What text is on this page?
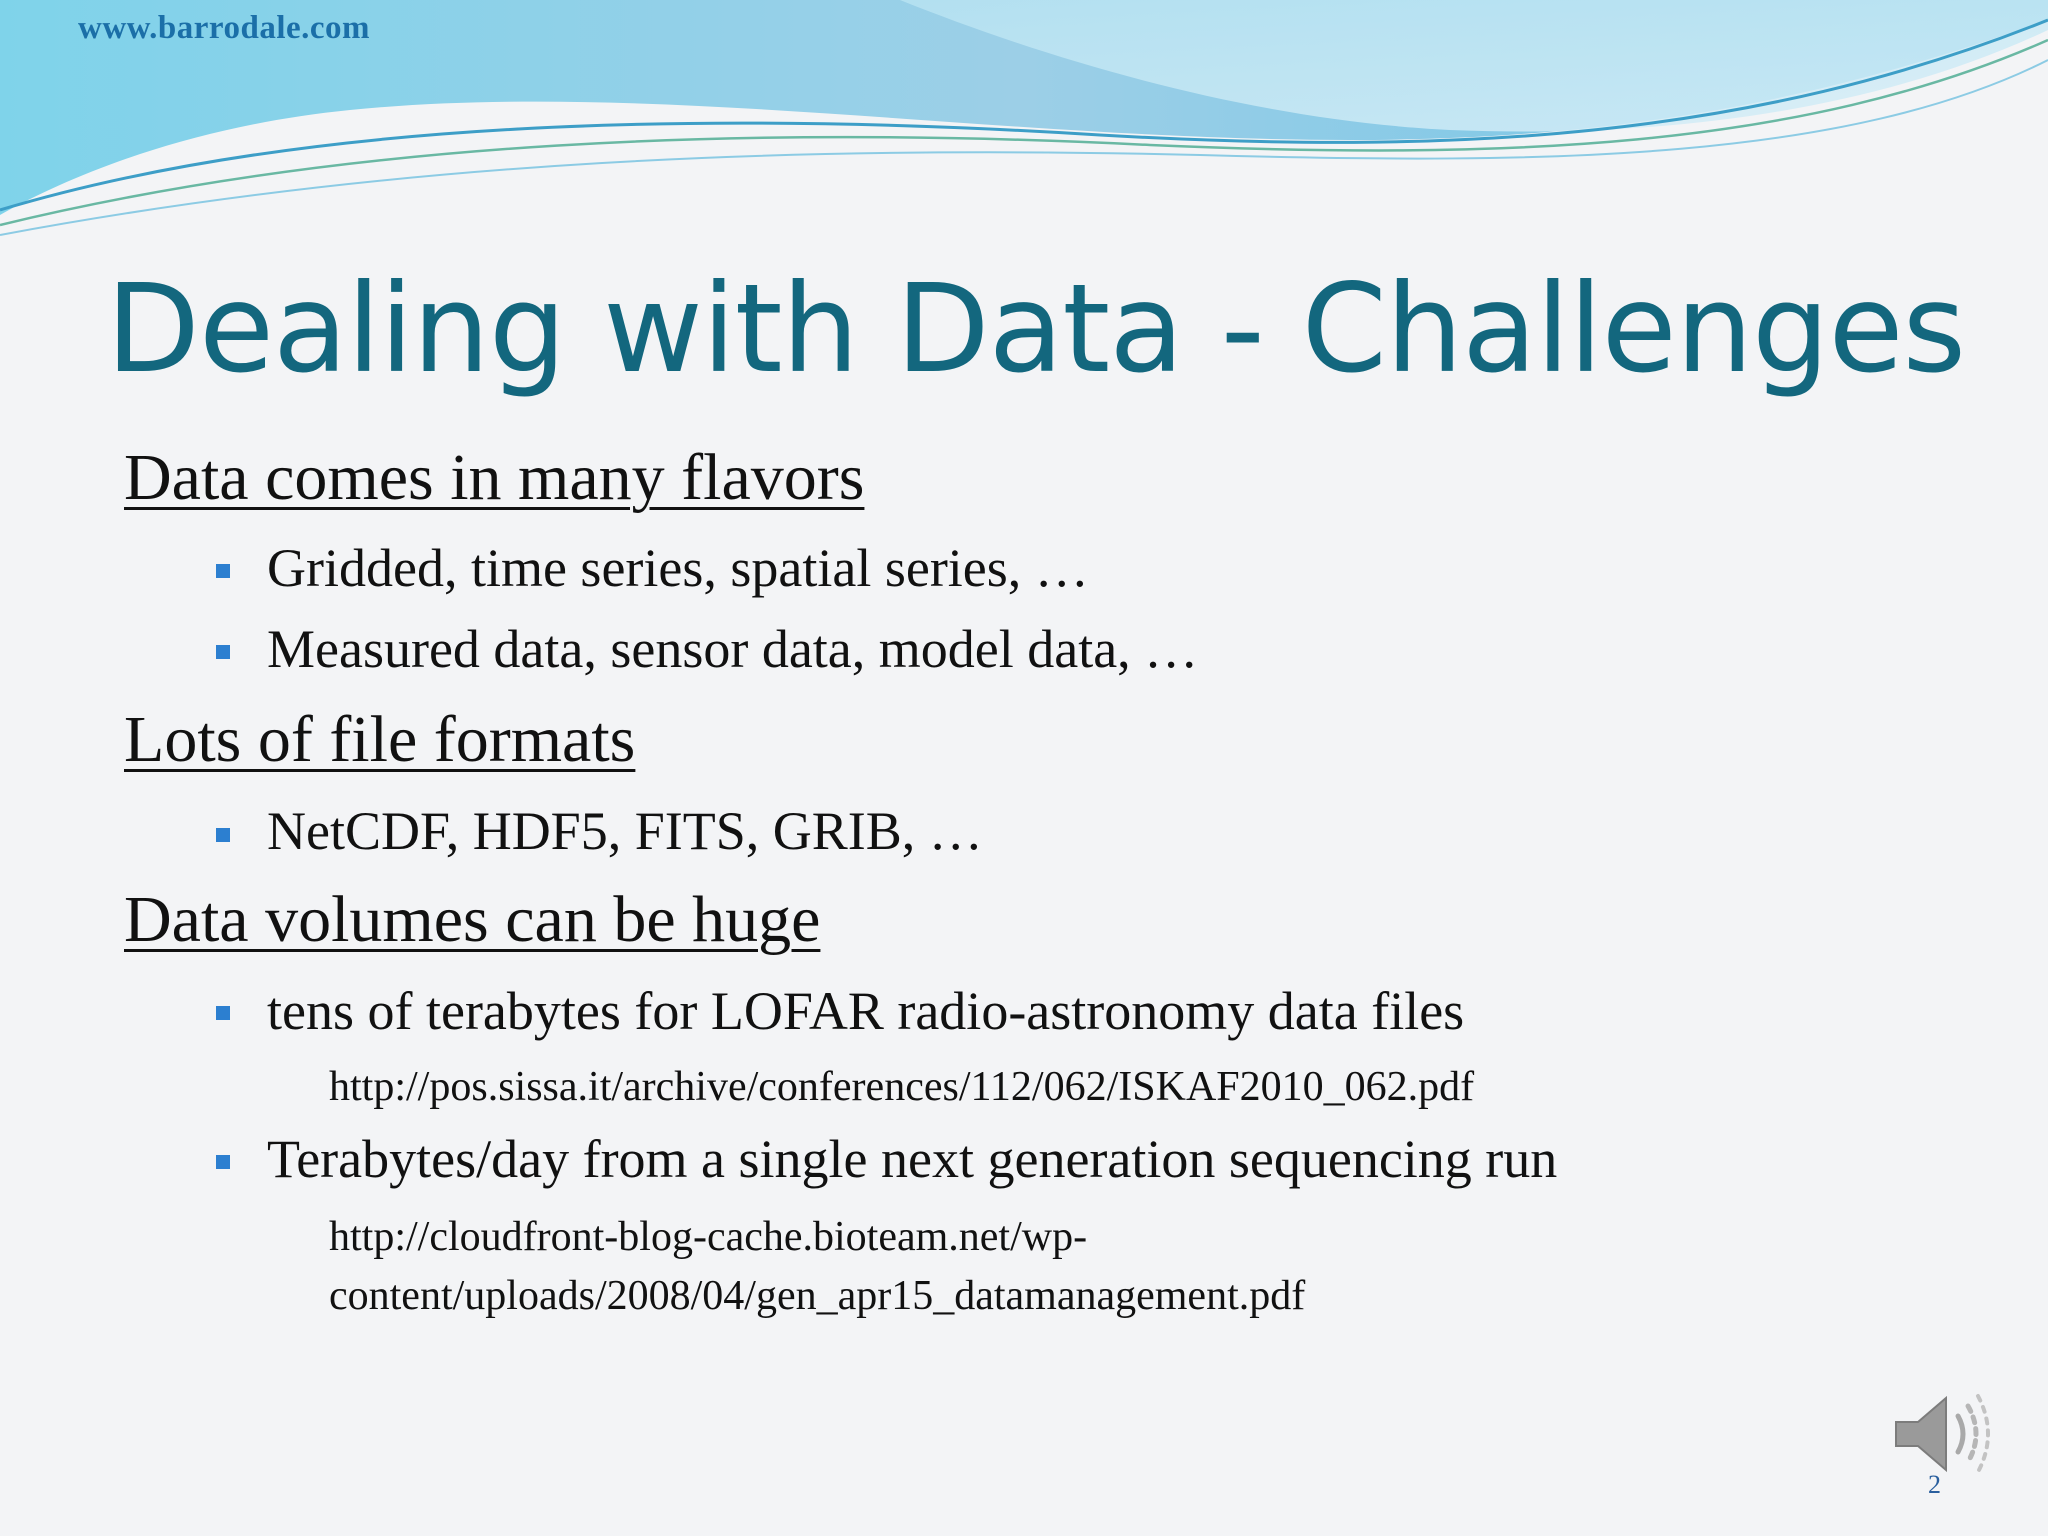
www.barrodale.com
Dealing with Data - Challenges
Data comes in many flavors
Gridded, time series, spatial series, …
Measured data, sensor data, model data, …
Lots of file formats
NetCDF, HDF5, FITS, GRIB, …
Data volumes can be huge
tens of terabytes for LOFAR radio-astronomy data files
http://pos.sissa.it/archive/conferences/112/062/ISKAF2010_062.pdf
Terabytes/day from a single next generation sequencing run
http://cloudfront-blog-cache.bioteam.net/wp-
content/uploads/2008/04/gen_apr15_datamanagement.pdf
2
